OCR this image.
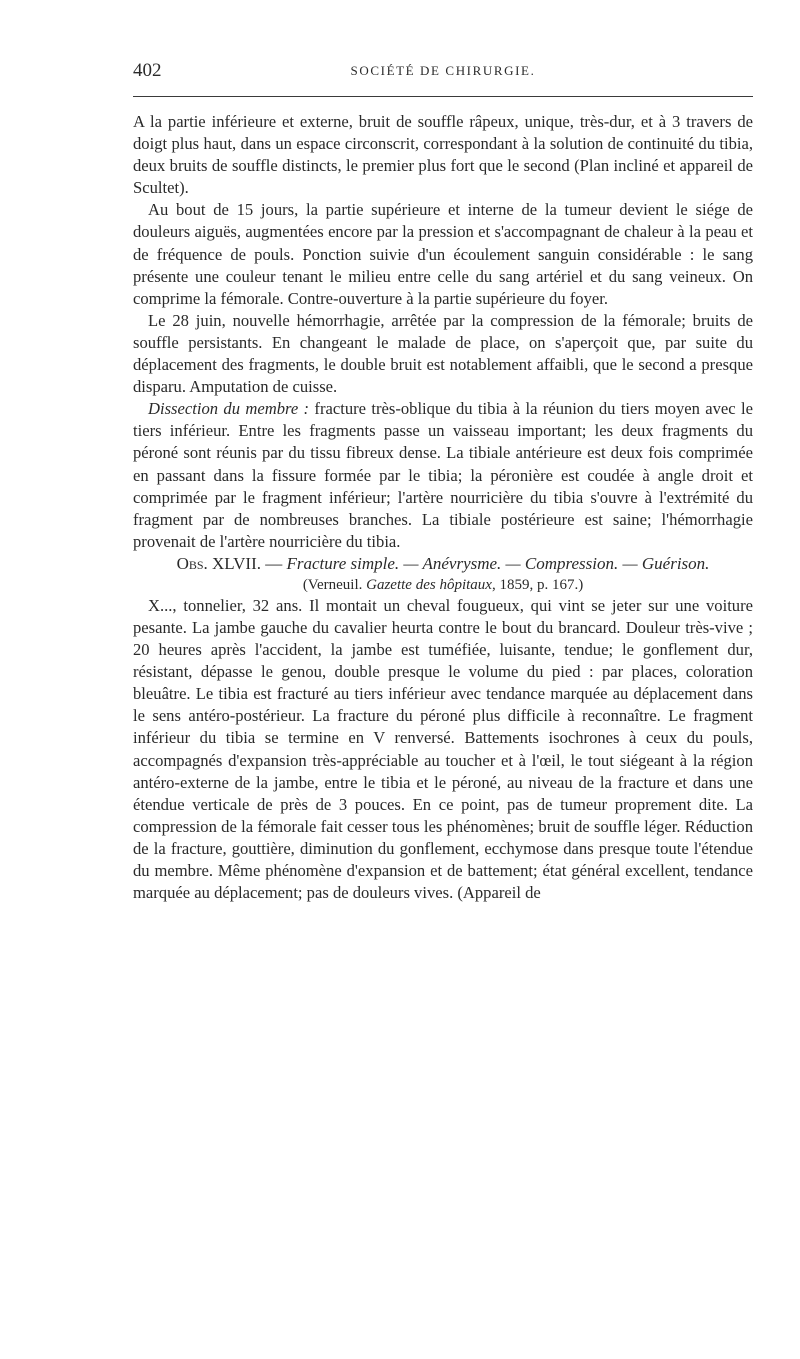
402	SOCIÉTÉ DE CHIRURGIE.

A la partie inférieure et externe, bruit de souffle râpeux, unique, très-dur, et à 3 travers de doigt plus haut, dans un espace circonscrit, correspondant à la solution de continuité du tibia, deux bruits de souffle distincts, le premier plus fort que le second (Plan incliné et appareil de Scultet).

Au bout de 15 jours, la partie supérieure et interne de la tumeur devient le siége de douleurs aiguës, augmentées encore par la pression et s'accompagnant de chaleur à la peau et de fréquence de pouls. Ponction suivie d'un écoulement sanguin considérable : le sang présente une couleur tenant le milieu entre celle du sang artériel et du sang veineux. On comprime la fémorale. Contre-ouverture à la partie supérieure du foyer.

Le 28 juin, nouvelle hémorrhagie, arrêtée par la compression de la fémorale; bruits de souffle persistants. En changeant le malade de place, on s'aperçoit que, par suite du déplacement des fragments, le double bruit est notablement affaibli, que le second a presque disparu. Amputation de cuisse.

Dissection du membre : fracture très-oblique du tibia à la réunion du tiers moyen avec le tiers inférieur. Entre les fragments passe un vaisseau important; les deux fragments du péroné sont réunis par du tissu fibreux dense. La tibiale antérieure est deux fois comprimée en passant dans la fissure formée par le tibia; la péronière est coudée à angle droit et comprimée par le fragment inférieur; l'artère nourricière du tibia s'ouvre à l'extrémité du fragment par de nombreuses branches. La tibiale postérieure est saine; l'hémorrhagie provenait de l'artère nourricière du tibia.

Obs. XLVII. — Fracture simple. — Anévrysme. — Compression. — Guérison.

(Verneuil. Gazette des hôpitaux, 1859, p. 167.)

X..., tonnelier, 32 ans. Il montait un cheval fougueux, qui vint se jeter sur une voiture pesante. La jambe gauche du cavalier heurta contre le bout du brancard. Douleur très-vive ; 20 heures après l'accident, la jambe est tuméfiée, luisante, tendue; le gonflement dur, résistant, dépasse le genou, double presque le volume du pied : par places, coloration bleuâtre. Le tibia est fracturé au tiers inférieur avec tendance marquée au déplacement dans le sens antéro-postérieur. La fracture du péroné plus difficile à reconnaître. Le fragment inférieur du tibia se termine en V renversé. Battements isochrones à ceux du pouls, accompagnés d'expansion très-appréciable au toucher et à l'œil, le tout siégeant à la région antéro-externe de la jambe, entre le tibia et le péroné, au niveau de la fracture et dans une étendue verticale de près de 3 pouces. En ce point, pas de tumeur proprement dite. La compression de la fémorale fait cesser tous les phénomènes; bruit de souffle léger. Réduction de la fracture, gouttière, diminution du gonflement, ecchymose dans presque toute l'étendue du membre. Même phénomène d'expansion et de battement; état général excellent, tendance marquée au déplacement; pas de douleurs vives. (Appareil de
